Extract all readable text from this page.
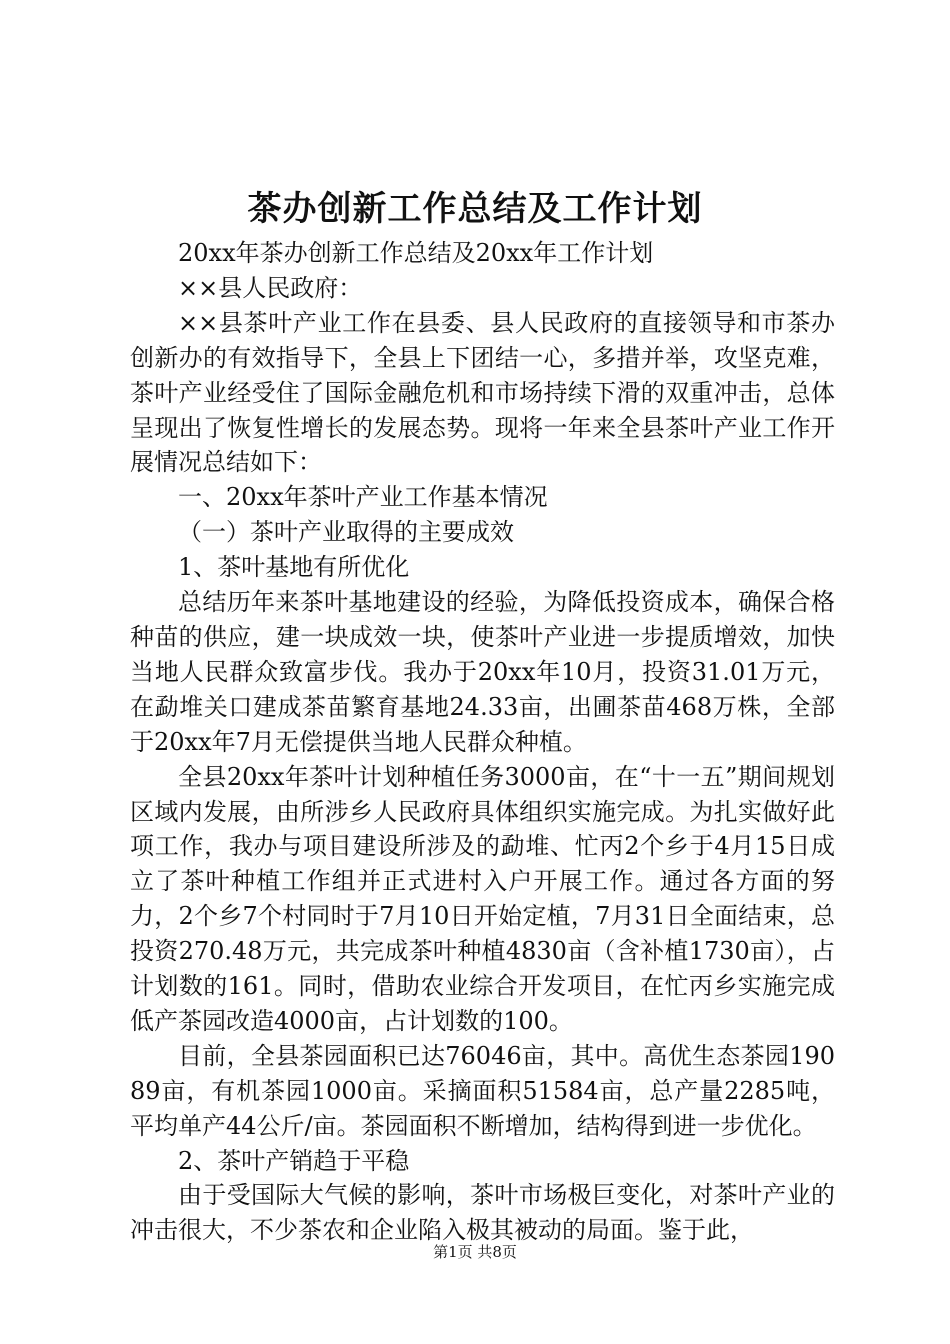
茶办创新工作总结及工作计划

20xx年茶办创新工作总结及20xx年工作计划

××县人民政府：

××县茶叶产业工作在县委、县人民政府的直接领导和市茶办创新办的有效指导下，全县上下团结一心，多措并举，攻坚克难，茶叶产业经受住了国际金融危机和市场持续下滑的双重冲击，总体呈现出了恢复性增长的发展态势。现将一年来全县茶叶产业工作开展情况总结如下：

一、20xx年茶叶产业工作基本情况

（一）茶叶产业取得的主要成效

1、茶叶基地有所优化

总结历年来茶叶基地建设的经验，为降低投资成本，确保合格种苗的供应，建一块成效一块，使茶叶产业进一步提质增效，加快当地人民群众致富步伐。我办于20xx年10月，投资31.01万元，在勐堆关口建成茶苗繁育基地24.33亩，出圃茶苗468万株，全部于20xx年7月无偿提供当地人民群众种植。

全县20xx年茶叶计划种植任务3000亩，在“十一五”期间规划区域内发展，由所涉乡人民政府具体组织实施完成。为扎实做好此项工作，我办与项目建设所涉及的勐堆、忙丙2个乡于4月15日成立了茶叶种植工作组并正式进村入户开展工作。通过各方面的努力，2个乡7个村同时于7月10日开始定植，7月31日全面结束，总投资270.48万元，共完成茶叶种植4830亩（含补植1730亩），占计划数的161。同时，借助农业综合开发项目，在忙丙乡实施完成低产茶园改造4000亩，占计划数的100。

目前，全县茶园面积已达76046亩，其中。高优生态茶园19089亩，有机茶园1000亩。采摘面积51584亩，总产量2285吨，平均单产44公斤/亩。茶园面积不断增加，结构得到进一步优化。

2、茶叶产销趋于平稳

由于受国际大气候的影响，茶叶市场极巨变化，对茶叶产业的冲击很大，不少茶农和企业陷入极其被动的局面。鉴于此，

第1页 共8页
